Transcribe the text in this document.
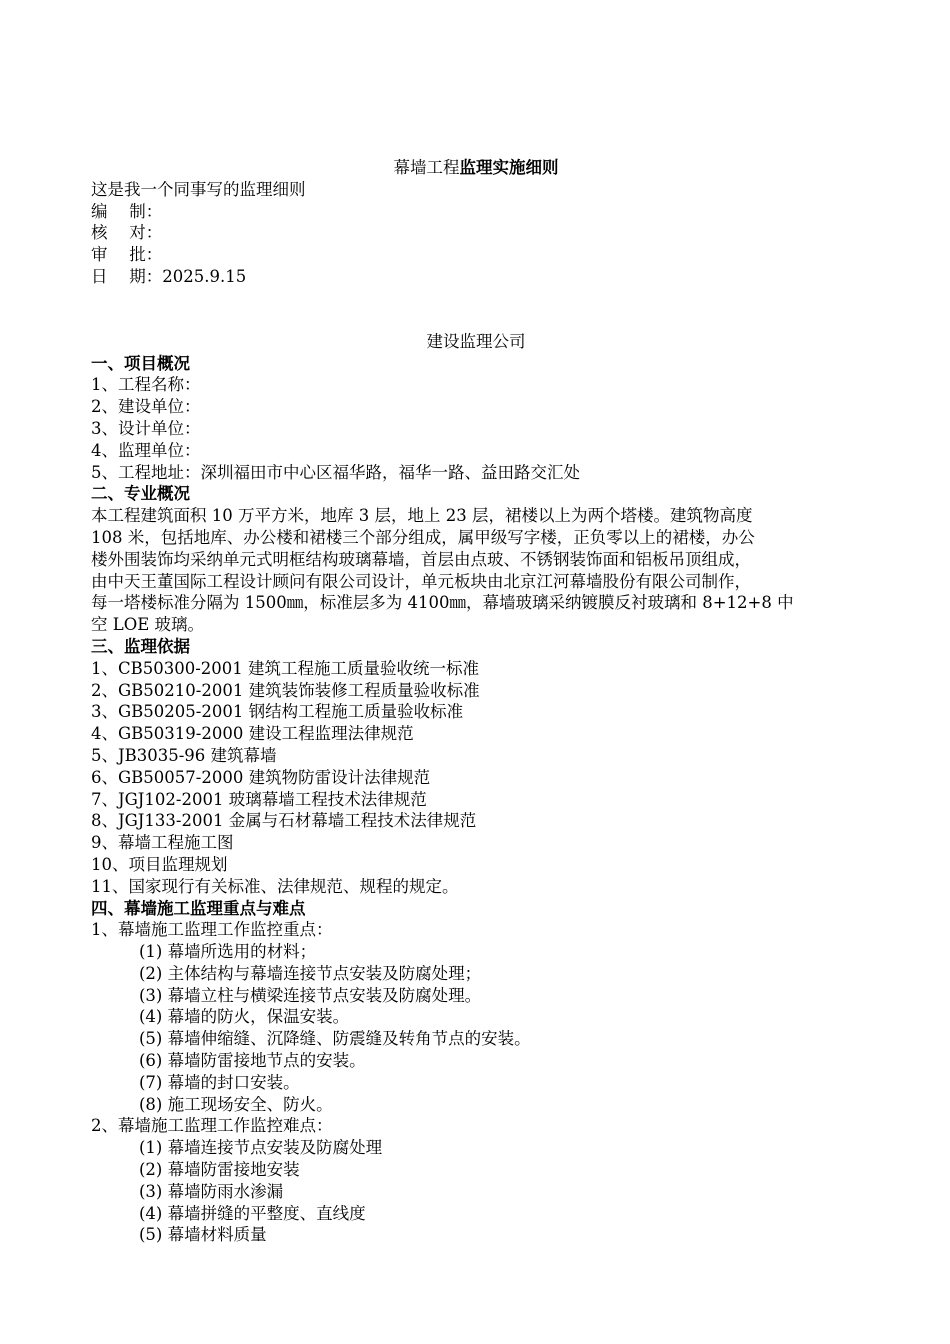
幕墙工程监理实施细则
这是我一个同事写的监理细则
编　 制：
核　 对：
审　 批：
日　 期：2025.9.15
建设监理公司
一、项目概况
1、工程名称：
2、建设单位：
3、设计单位：
4、监理单位：
5、工程地址：深圳福田市中心区福华路，福华一路、益田路交汇处
二、专业概况
本工程建筑面积 10 万平方米，地库 3 层，地上 23 层，裙楼以上为两个塔楼。建筑物高度
108 米，包括地库、办公楼和裙楼三个部分组成，属甲级写字楼，正负零以上的裙楼，办公
楼外围装饰均采纳单元式明框结构玻璃幕墙，首层由点玻、不锈钢装饰面和铝板吊顶组成，
由中天王董国际工程设计顾问有限公司设计，单元板块由北京江河幕墙股份有限公司制作，
每一塔楼标准分隔为 1500㎜，标准层多为 4100㎜，幕墙玻璃采纳镀膜反衬玻璃和 8+12+8 中
空 LOE 玻璃。
三、监理依据
1、CB50300-2001 建筑工程施工质量验收统一标准
2、GB50210-2001 建筑装饰装修工程质量验收标准
3、GB50205-2001 钢结构工程施工质量验收标准
4、GB50319-2000 建设工程监理法律规范
5、JB3035-96 建筑幕墙
6、GB50057-2000 建筑物防雷设计法律规范
7、JGJ102-2001 玻璃幕墙工程技术法律规范
8、JGJ133-2001 金属与石材幕墙工程技术法律规范
9、幕墙工程施工图
10、项目监理规划
11、国家现行有关标准、法律规范、规程的规定。
四、幕墙施工监理重点与难点
1、幕墙施工监理工作监控重点：
(1) 幕墙所选用的材料；
(2) 主体结构与幕墙连接节点安装及防腐处理；
(3) 幕墙立柱与横梁连接节点安装及防腐处理。
(4) 幕墙的防火，保温安装。
(5) 幕墙伸缩缝、沉降缝、防震缝及转角节点的安装。
(6) 幕墙防雷接地节点的安装。
(7) 幕墙的封口安装。
(8) 施工现场安全、防火。
2、幕墙施工监理工作监控难点：
(1) 幕墙连接节点安装及防腐处理
(2) 幕墙防雷接地安装
(3) 幕墙防雨水渗漏
(4) 幕墙拼缝的平整度、直线度
(5) 幕墙材料质量
